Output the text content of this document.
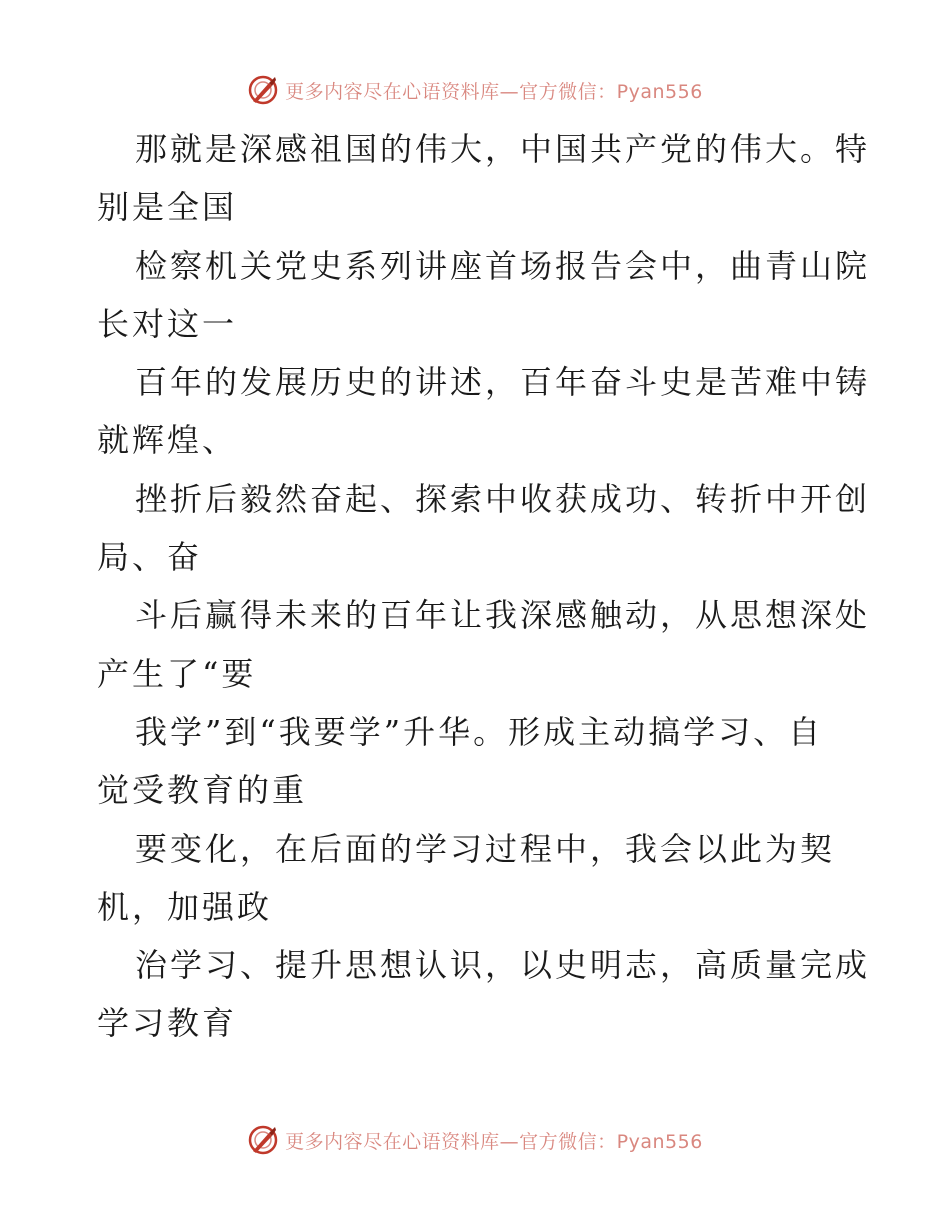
更多内容尽在心语资料库—官方微信：Pyan556
那就是深感祖国的伟大，中国共产党的伟大。特
别是全国
检察机关党史系列讲座首场报告会中，曲青山院
长对这一
百年的发展历史的讲述，百年奋斗史是苦难中铸
就辉煌、
挫折后毅然奋起、探索中收获成功、转折中开创
局、奋
斗后赢得未来的百年让我深感触动，从思想深处
产生了“要
我学”到“我要学”升华。形成主动搞学习、自
觉受教育的重
要变化，在后面的学习过程中，我会以此为契
机，加强政
治学习、提升思想认识，以史明志，高质量完成
学习教育
更多内容尽在心语资料库—官方微信：Pyan556
